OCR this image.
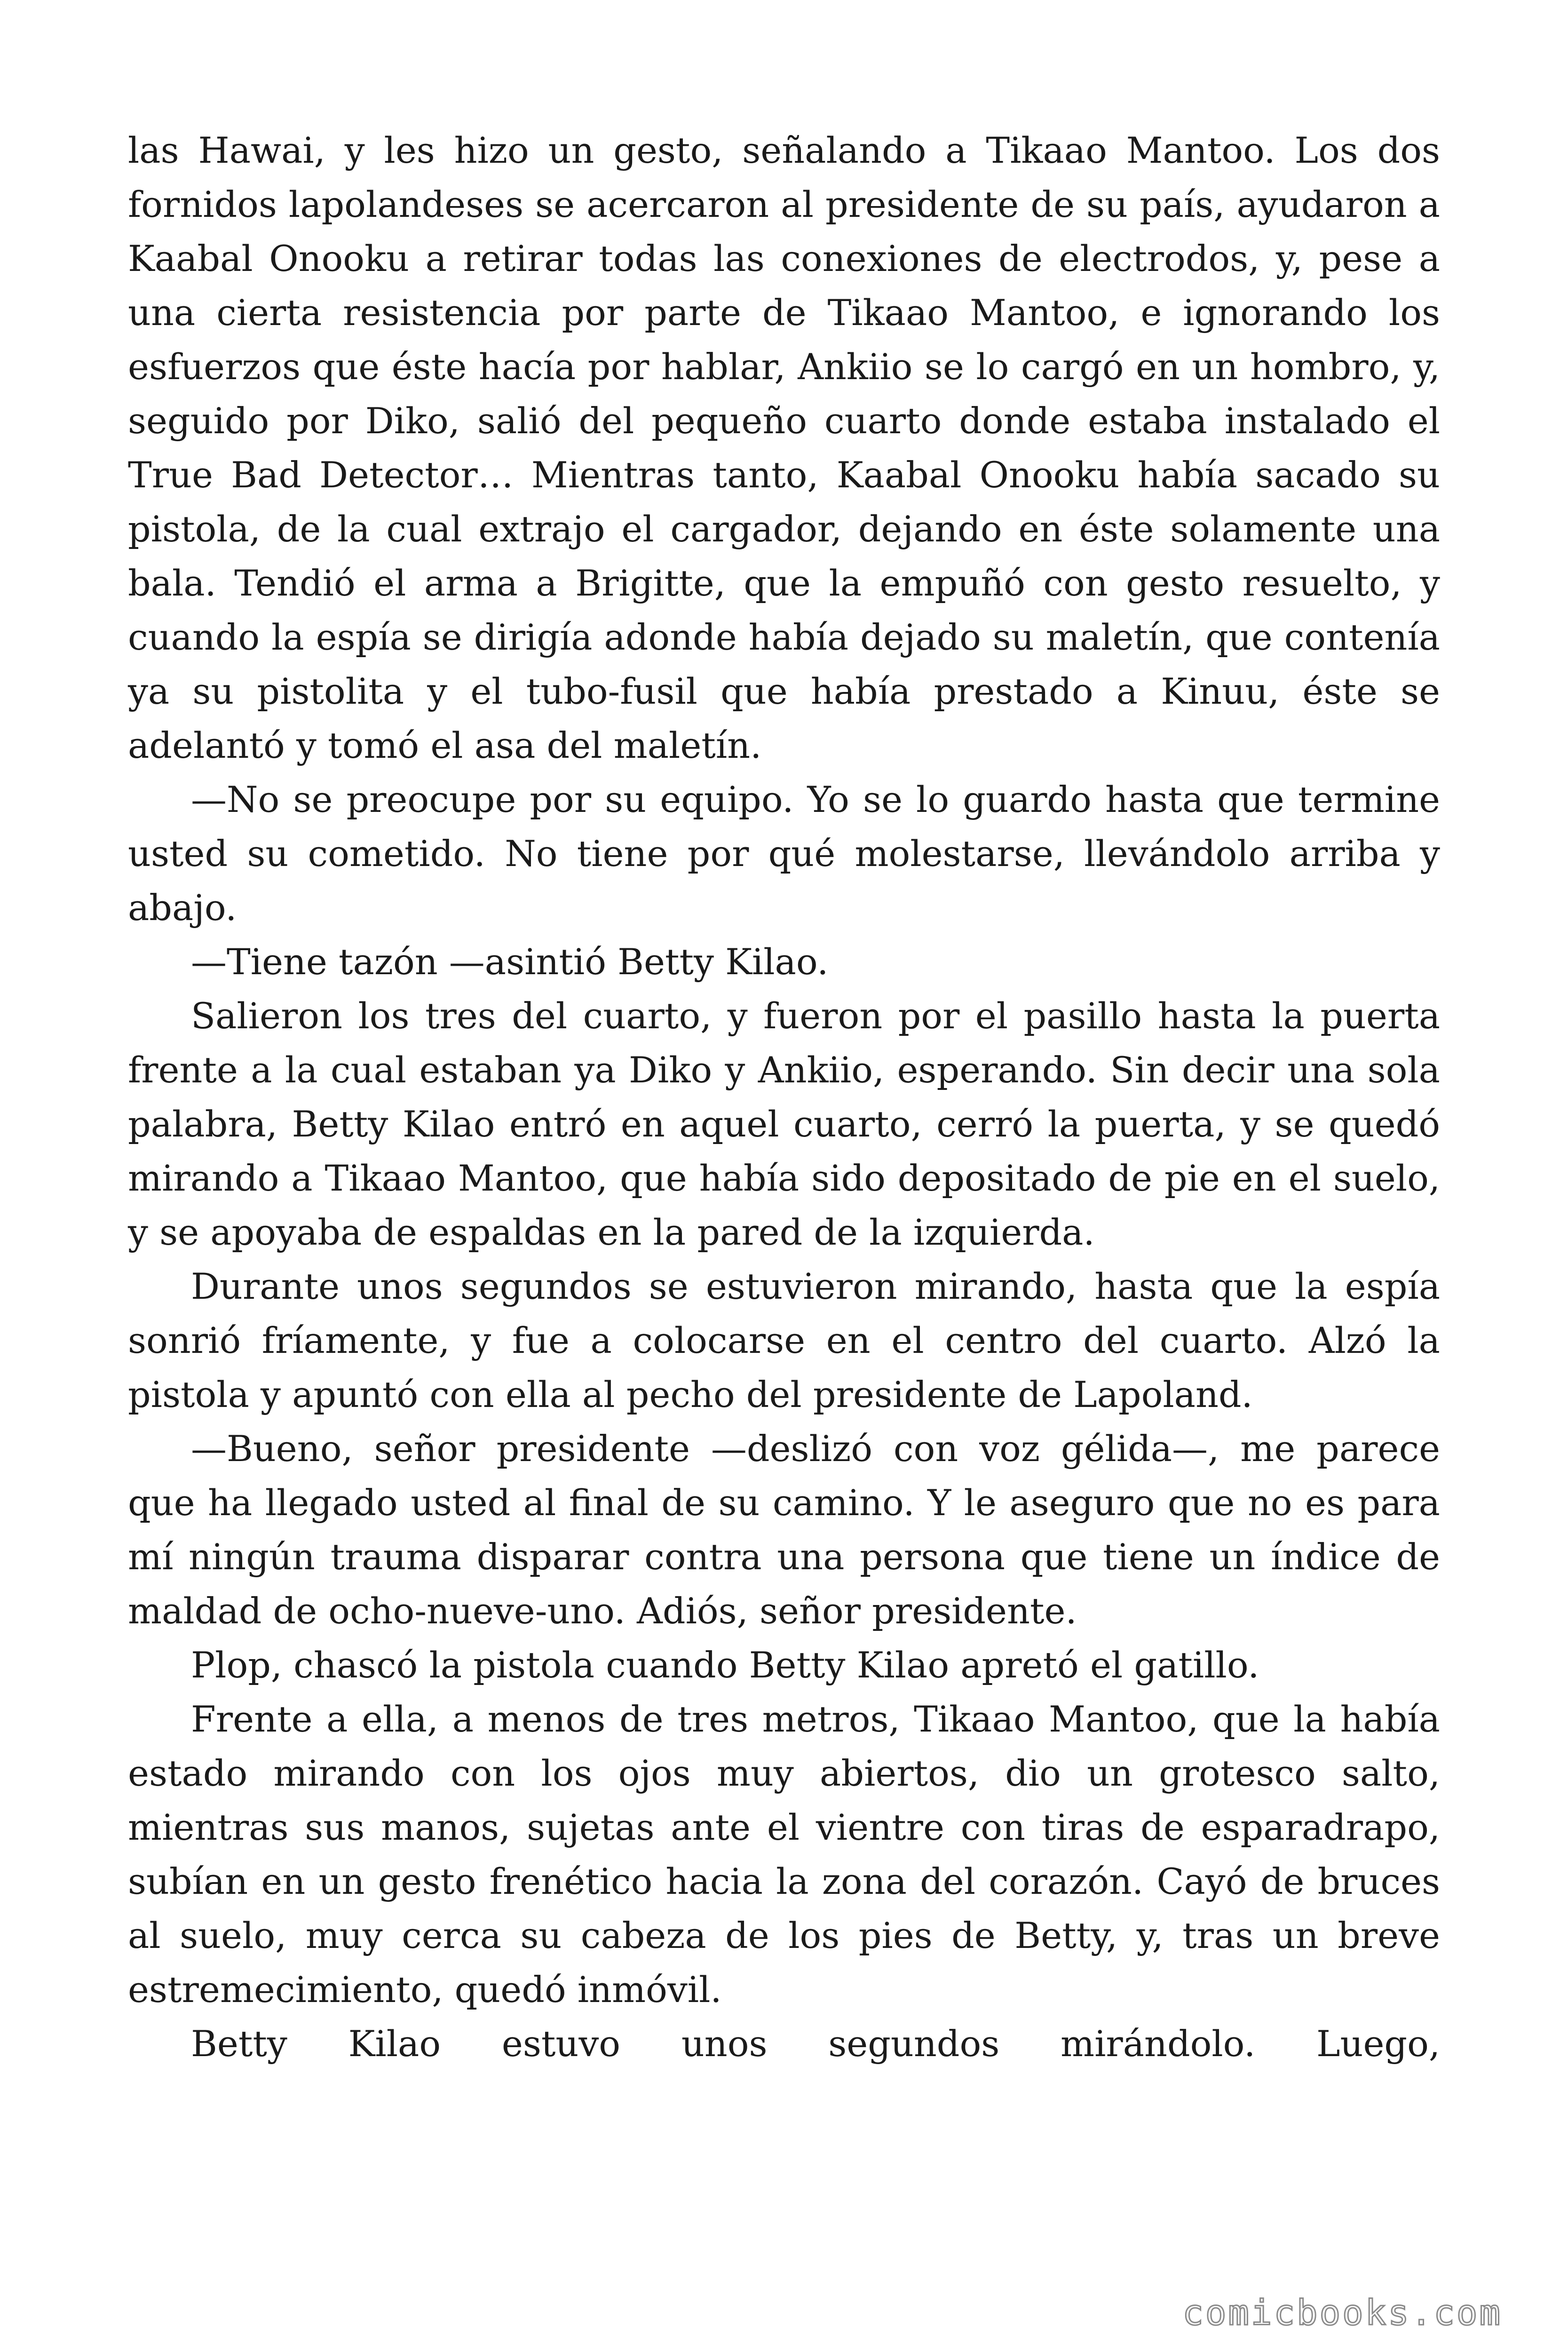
las Hawai, y les hizo un gesto, señalando a Tikaao Mantoo. Los dos fornidos lapolandeses se acercaron al presidente de su país, ayudaron a Kaabal Onooku a retirar todas las conexiones de electrodos, y, pese a una cierta resistencia por parte de Tikaao Mantoo, e ignorando los esfuerzos que éste hacía por hablar, Ankiio se lo cargó en un hombro, y, seguido por Diko, salió del pequeño cuarto donde estaba instalado el True Bad Detector… Mientras tanto, Kaabal Onooku había sacado su pistola, de la cual extrajo el cargador, dejando en éste solamente una bala. Tendió el arma a Brigitte, que la empuñó con gesto resuelto, y cuando la espía se dirigía adonde había dejado su maletín, que contenía ya su pistolita y el tubo-fusil que había prestado a Kinuu, éste se adelantó y tomó el asa del maletín.

—No se preocupe por su equipo. Yo se lo guardo hasta que termine usted su cometido. No tiene por qué molestarse, llevándolo arriba y abajo.

—Tiene tazón —asintió Betty Kilao.

Salieron los tres del cuarto, y fueron por el pasillo hasta la puerta frente a la cual estaban ya Diko y Ankiio, esperando. Sin decir una sola palabra, Betty Kilao entró en aquel cuarto, cerró la puerta, y se quedó mirando a Tikaao Mantoo, que había sido depositado de pie en el suelo, y se apoyaba de espaldas en la pared de la izquierda.

Durante unos segundos se estuvieron mirando, hasta que la espía sonrió fríamente, y fue a colocarse en el centro del cuarto. Alzó la pistola y apuntó con ella al pecho del presidente de Lapoland.

—Bueno, señor presidente —deslizó con voz gélida—, me parece que ha llegado usted al final de su camino. Y le aseguro que no es para mí ningún trauma disparar contra una persona que tiene un índice de maldad de ocho-nueve-uno. Adiós, señor presidente.

Plop, chascó la pistola cuando Betty Kilao apretó el gatillo.

Frente a ella, a menos de tres metros, Tikaao Mantoo, que la había estado mirando con los ojos muy abiertos, dio un grotesco salto, mientras sus manos, sujetas ante el vientre con tiras de esparadrapo, subían en un gesto frenético hacia la zona del corazón. Cayó de bruces al suelo, muy cerca su cabeza de los pies de Betty, y, tras un breve estremecimiento, quedó inmóvil.

Betty Kilao estuvo unos segundos mirándolo. Luego,

comicbooks.com
